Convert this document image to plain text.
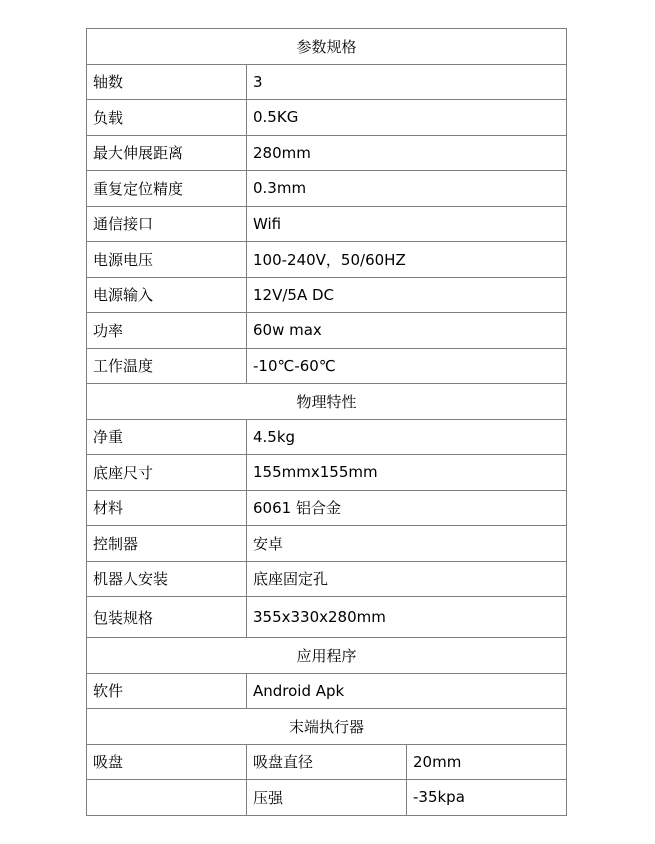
参数规格		
轴数	3	
负载	0.5KG	
最大伸展距离	280mm	
重复定位精度	0.3mm	
通信接口	Wifi	
电源电压	100-240V，50/60HZ	
电源输入	12V/5A DC	
功率	60w max	
工作温度	-10℃-60℃	
物理特性		
净重	4.5kg	
底座尺寸	155mmx155mm	
材料	6061 铝合金	
控制器	安卓	
机器人安装	底座固定孔	
包装规格	355x330x280mm	
应用程序		
软件	Android Apk	
末端执行器		
吸盘	吸盘直径	20mm
	压强	-35kpa
